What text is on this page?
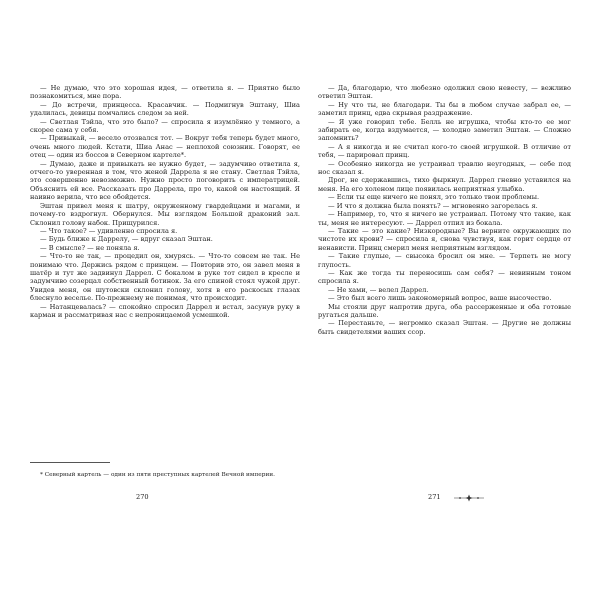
— Не думаю, что это хорошая идея, — ответила я. — Приятно было познакомиться, мне пора.

— До встречи, принцесса. Красавчик. — Подмигнув Эштану, Шиа удалилась, девицы помчались следом за ней.

— Светлая Тэйла, что это было? — спросила я изумлённо у темного, а скорее сама у себя.

— Привыкай, — весело отозвался тот. — Вокруг тебя теперь будет много, очень много людей. Кстати, Шиа Анас — неплохой союзник. Говорят, ее отец — один из боссов в Северном картеле*.

— Думаю, даже и привыкать не нужно будет, — задумчиво ответила я, отчего-то уверенная в том, что женой Даррела я не стану. Светлая Тэйла, это совершенно невозможно. Нужно просто поговорить с императрицей. Объяснить ей все. Рассказать про Даррела, про то, какой он настоящий. Я наивно верила, что все обойдется.

Эштан привел меня к шатру, окруженному гвардейцами и магами, и почему-то вздрогнул. Обернулся. Мы взглядом Большой драконий зал. Склонил голову набок. Прищурился.

— Что такое? — удивленно спросила я.

— Будь ближе к Даррелу, — вдруг сказал Эштан.

— В смысле? — не поняла я.

— Что-то не так, — процедил он, хмурясь. — Что-то совсем не так. Не понимаю что. Держись рядом с принцем. — Повторив это, он завел меня в шатёр и тут же задвинул Даррел. С бокалом в руке тот сидел в кресле и задумчиво созерцал собственный ботинок. За его спиной стоял чужой друг. Увидев меня, он шутовски склонил голову, хотя в его раскосых глазах блеснуло веселье. По-прежнему не понимая, что происходит.

— Натанцевалась? — спокойно спросил Даррел и встал, засунув руку в карман и рассматривая нас с непроницаемой усмешкой.

* Северный картель — один из пяти преступных картелей Вечной империи.

270

— Да, благодарю, что любезно одолжил свою невесту, — вежливо ответил Эштан.

— Ну что ты, не благодари. Ты бы в любом случае забрал ее, — заметил принц, едва скрывая раздражение.

— Я уже говорил тебе. Белль не игрушка, чтобы кто-то ее мог забирать ее, когда вздумается, — холодно заметил Эштан. — Сложно запомнить?

— А я никогда и не считал кого-то своей игрушкой. В отличие от тебя, — парировал принц.

— Особенно никогда не устраивал травлю неугодных, — себе под нос сказал я.

Дрог, не сдержавшись, тихо фыркнул. Даррел гневно уставился на меня. На его холеном лице появилась неприятная улыбка.

— Если ты еще ничего не понял, это только твои проблемы.

— И что я должна была понять? — мгновенно загорелась я.

— Например, то, что я ничего не устраивал. Потому что такие, как ты, меня не интересуют. — Даррел отпил из бокала.

— Такие — это какие? Низкородные? Вы верните окружающих по чистоте их крови? — спросила я, снова чувствуя, как горит сердце от ненависти. Принц смерил меня неприятным взглядом.

— Такие глупые, — свысока бросил он мне. — Терпеть не могу глупость.

— Как же тогда ты переносишь сам себя? — невинным тоном спросила я.

— Не хами, — велел Даррел.

— Это был всего лишь закономерный вопрос, ваше высочество.

Мы стояли друг напротив друга, оба рассерженные и оба готовые ругаться дальше.

— Перестаньте, — негромко сказал Эштан. — Другие не должны быть свидетелями ваших ссор.

271
